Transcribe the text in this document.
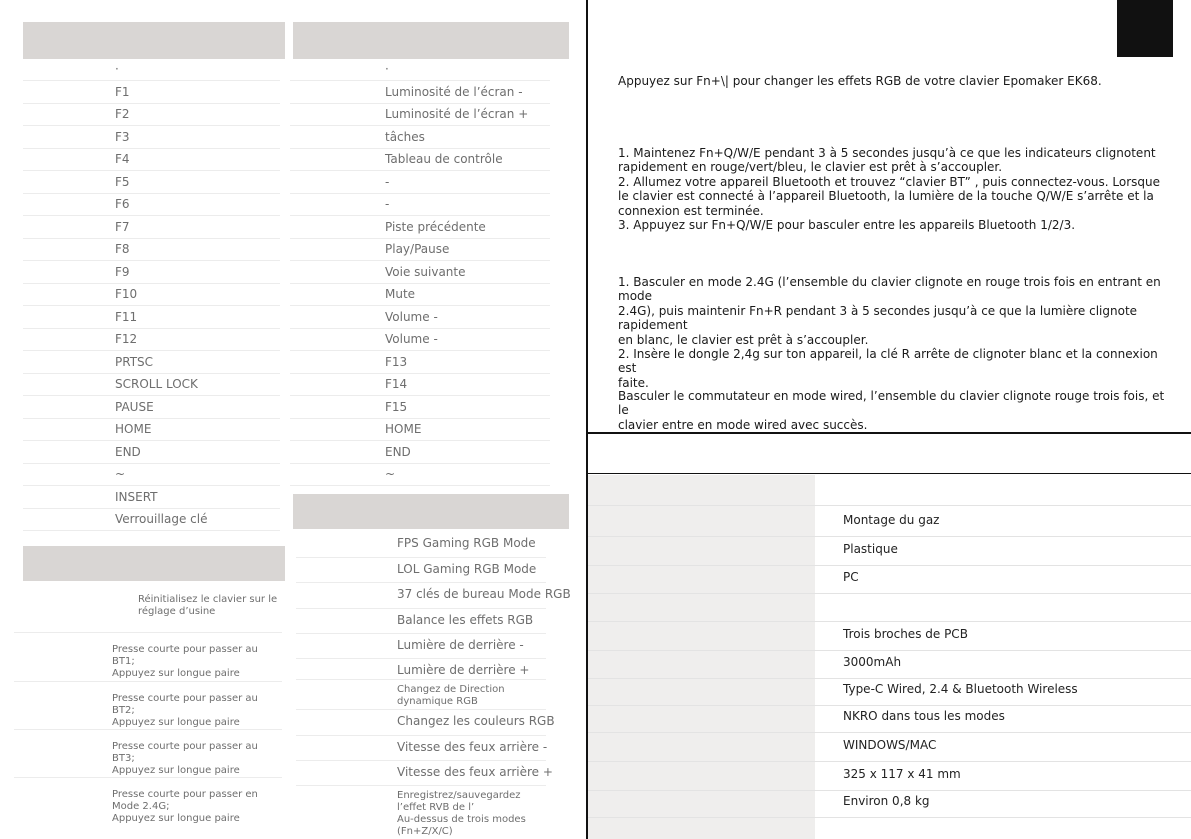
·
F1
F2
F3
F4
F5
F6
F7
F8
F9
F10
F11
F12
PRTSC
SCROLL LOCK
PAUSE
HOME
END
~
INSERT
Verrouillage clé
·
Luminosité de l’écran -
Luminosité de l’écran +
tâches
Tableau de contrôle
-
-
Piste précédente
Play/Pause
Voie suivante
Mute
Volume -
Volume -
F13
F14
F15
HOME
END
~
Réinitialisez le clavier sur le
réglage d’usine
Presse courte pour passer au BT1;
Appuyez sur longue paire
Presse courte pour passer au BT2;
Appuyez sur longue paire
Presse courte pour passer au BT3;
Appuyez sur longue paire
Presse courte pour passer en
Mode 2.4G;
Appuyez sur longue paire
FPS Gaming RGB Mode
LOL Gaming RGB Mode
37 clés de bureau Mode RGB
Balance les effets RGB
Lumière de derrière -
Lumière de derrière +
Changez de Direction
dynamique RGB
Changez les couleurs RGB
Vitesse des feux arrière -
Vitesse des feux arrière +
Enregistrez/sauvegardez
l’effet RVB de l’
Au-dessus de trois modes (Fn+Z/X/C)
Appuyez sur Fn+\| pour changer les effets RGB de votre clavier Epomaker EK68.
1. Maintenez Fn+Q/W/E pendant 3 à 5 secondes jusqu’à ce que les indicateurs clignotent
rapidement en rouge/vert/bleu, le clavier est prêt à s’accoupler.
2. Allumez votre appareil Bluetooth et trouvez “clavier BT” , puis connectez-vous. Lorsque
le clavier est connecté à l’appareil Bluetooth, la lumière de la touche Q/W/E s’arrête et la
connexion est terminée.
3. Appuyez sur Fn+Q/W/E pour basculer entre les appareils Bluetooth 1/2/3.
1. Basculer en mode 2.4G (l’ensemble du clavier clignote en rouge trois fois en entrant en mode
2.4G), puis maintenir Fn+R pendant 3 à 5 secondes jusqu’à ce que la lumière clignote rapidement
en blanc, le clavier est prêt à s’accoupler.
2. Insère le dongle 2,4g sur ton appareil, la clé R arrête de clignoter blanc et la connexion est
faite.
Basculer le commutateur en mode wired, l’ensemble du clavier clignote rouge trois fois, et le
clavier entre en mode wired avec succès.
Montage du gaz
Plastique
PC
Trois broches de PCB
3000mAh
Type-C Wired, 2.4 & Bluetooth Wireless
NKRO dans tous les modes
WINDOWS/MAC
325 x 117 x 41 mm
Environ 0,8 kg
